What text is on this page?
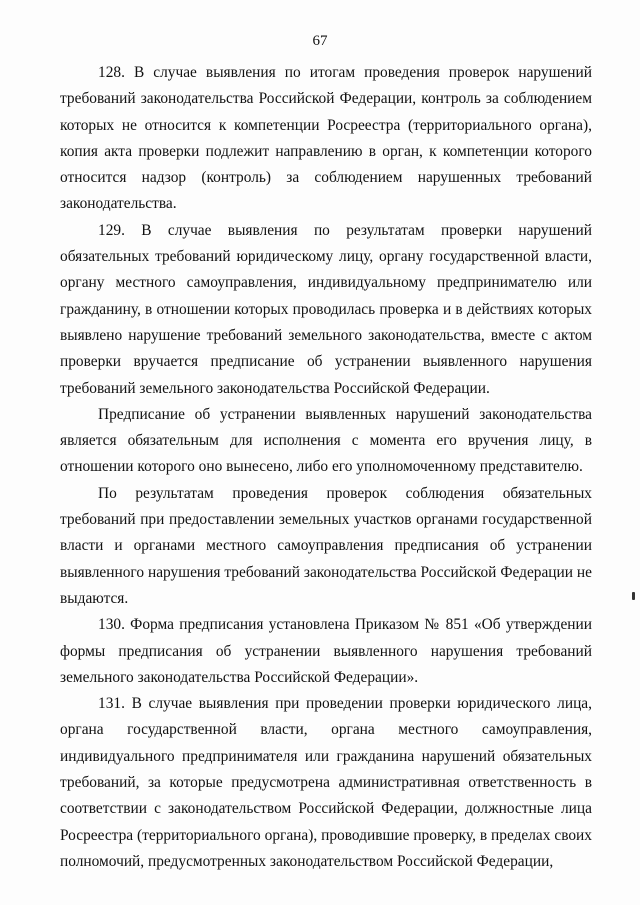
67

128. В случае выявления по итогам проведения проверок нарушений требований законодательства Российской Федерации, контроль за соблюдением которых не относится к компетенции Росреестра (территориального органа), копия акта проверки подлежит направлению в орган, к компетенции которого относится надзор (контроль) за соблюдением нарушенных требований законодательства.

129. В случае выявления по результатам проверки нарушений обязательных требований юридическому лицу, органу государственной власти, органу местного самоуправления, индивидуальному предпринимателю или гражданину, в отношении которых проводилась проверка и в действиях которых выявлено нарушение требований земельного законодательства, вместе с актом проверки вручается предписание об устранении выявленного нарушения требований земельного законодательства Российской Федерации.

Предписание об устранении выявленных нарушений законодательства является обязательным для исполнения с момента его вручения лицу, в отношении которого оно вынесено, либо его уполномоченному представителю.

По результатам проведения проверок соблюдения обязательных требований при предоставлении земельных участков органами государственной власти и органами местного самоуправления предписания об устранении выявленного нарушения требований законодательства Российской Федерации не выдаются.

130. Форма предписания установлена Приказом № 851 «Об утверждении формы предписания об устранении выявленного нарушения требований земельного законодательства Российской Федерации».

131. В случае выявления при проведении проверки юридического лица, органа государственной власти, органа местного самоуправления, индивидуального предпринимателя или гражданина нарушений обязательных требований, за которые предусмотрена административная ответственность в соответствии с законодательством Российской Федерации, должностные лица Росреестра (территориального органа), проводившие проверку, в пределах своих полномочий, предусмотренных законодательством Российской Федерации,
